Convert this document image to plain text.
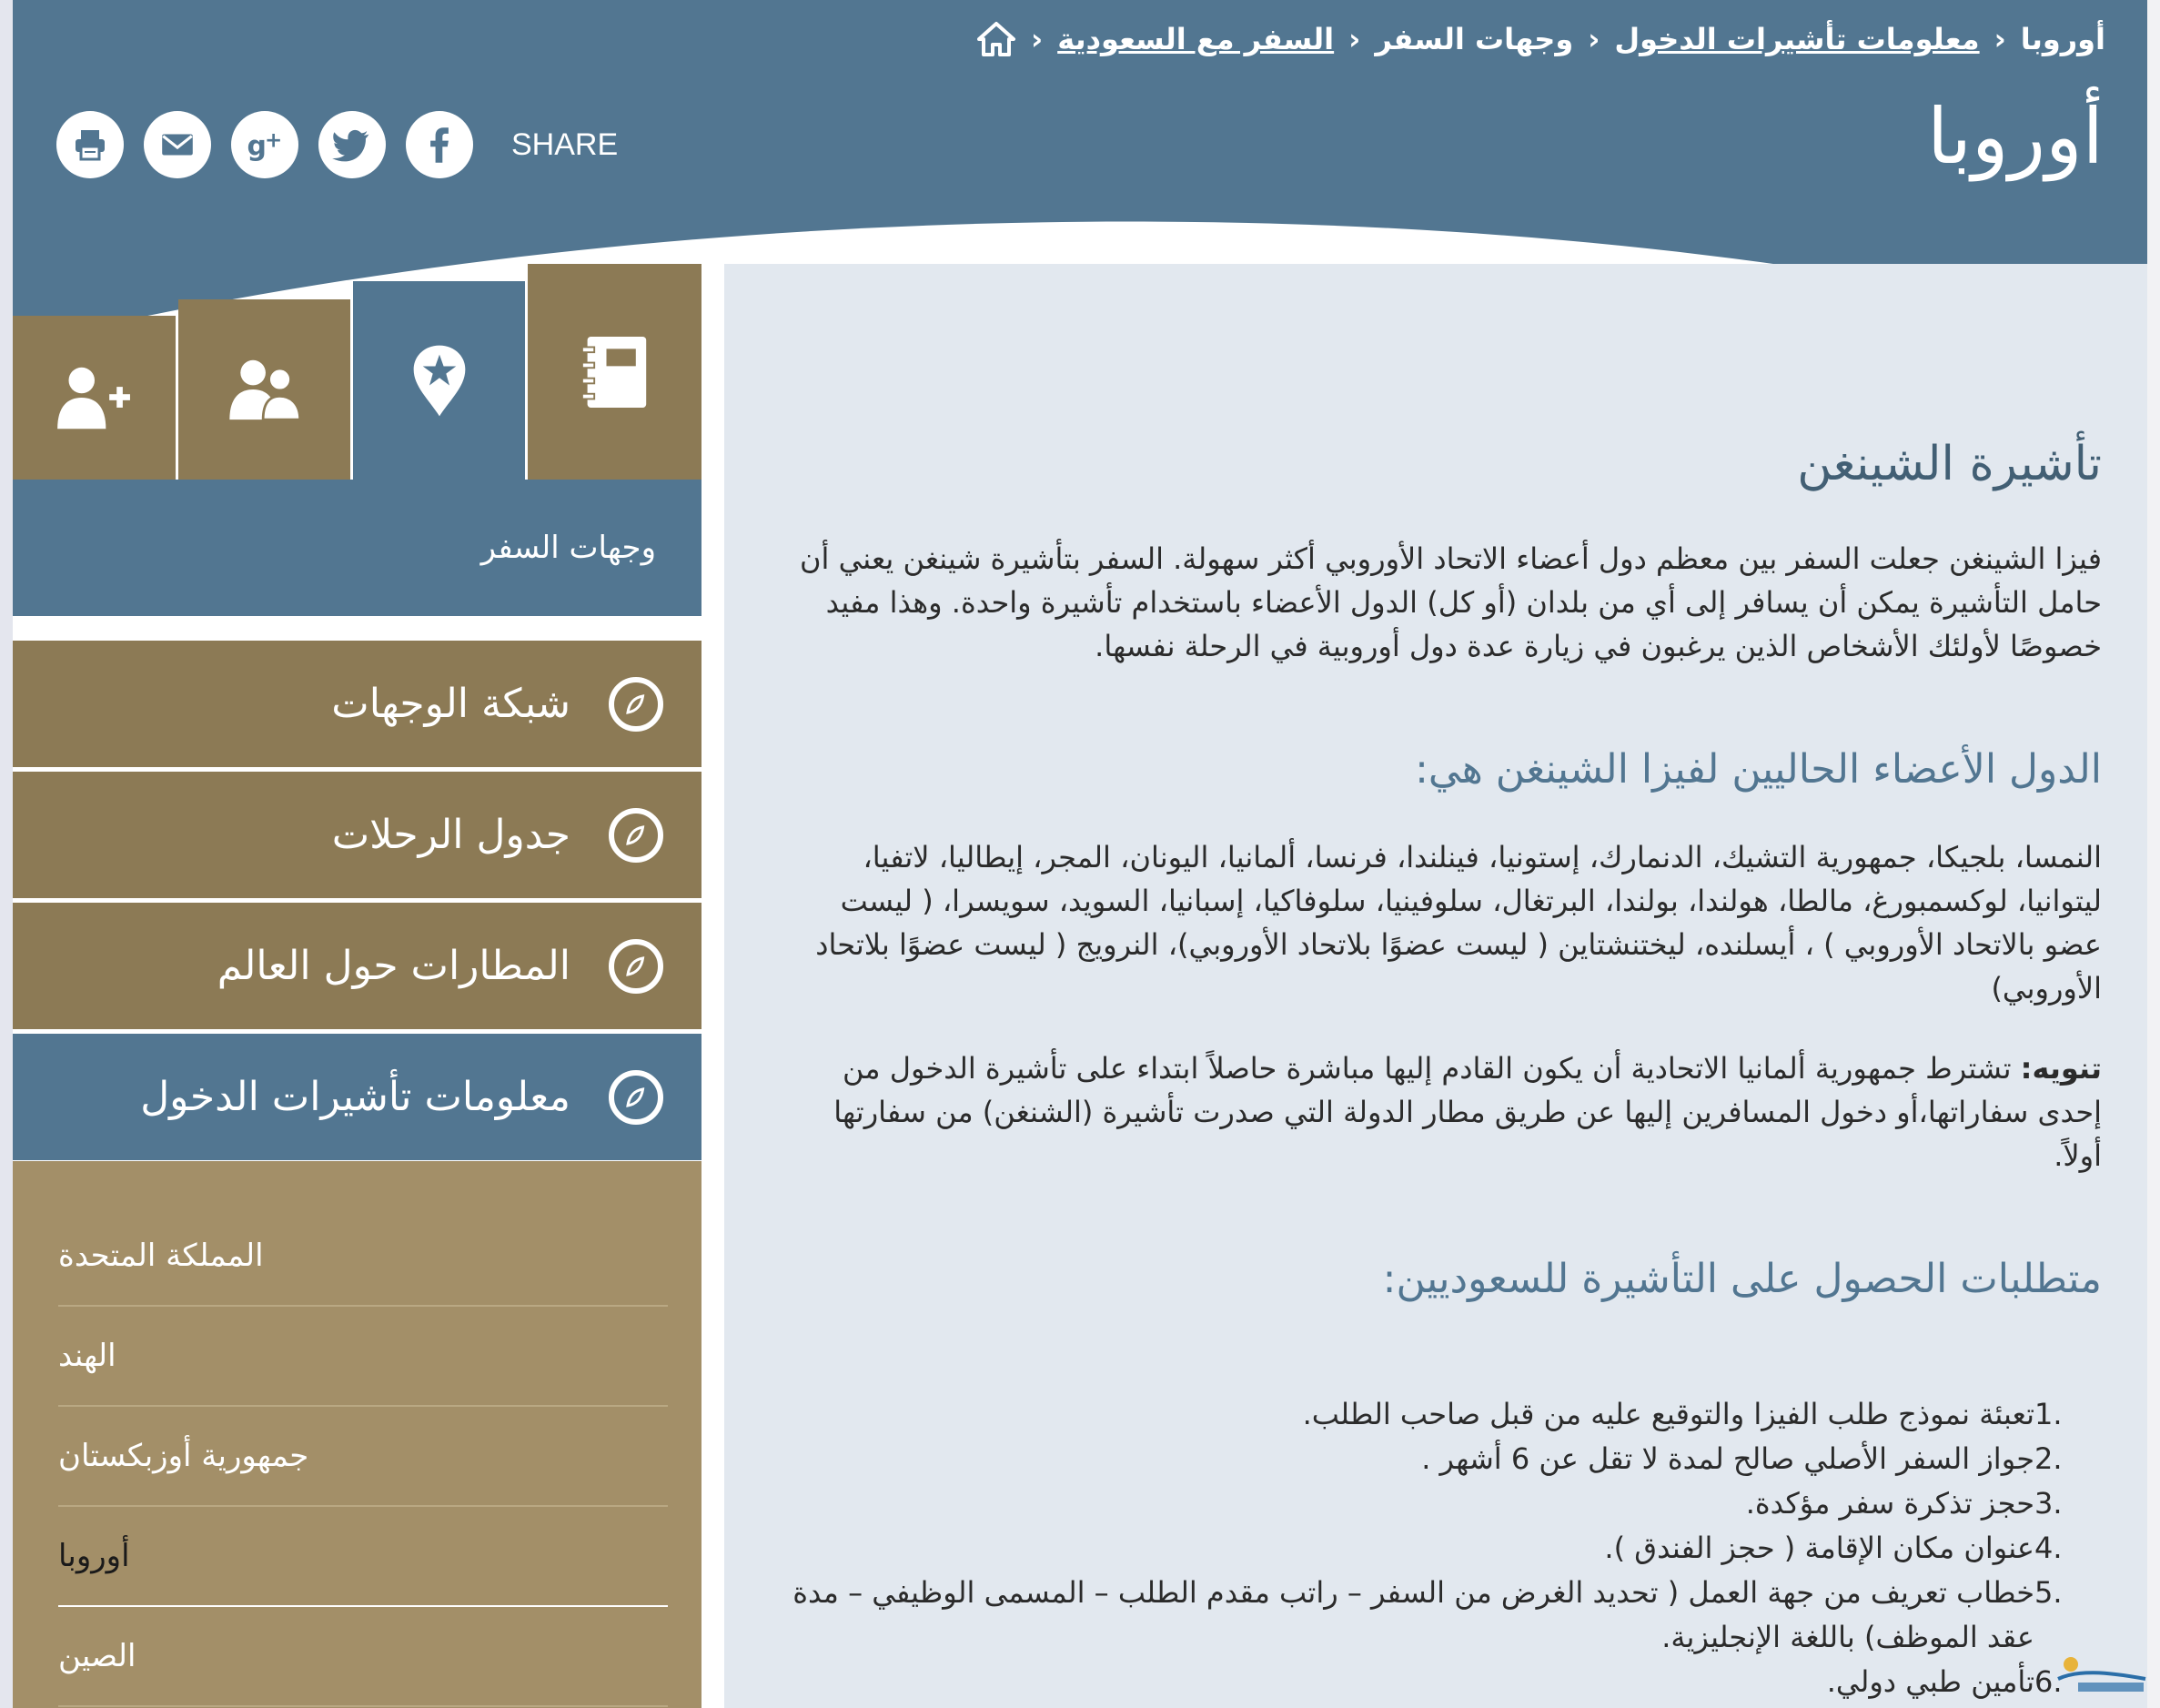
‹ السفر مع السعودية ‹ وجهات السفر ‹ معلومات تأشيرات الدخول ‹ أوروبا
أوروبا
g
+	SHARE
وجهات السفر
شبكة الوجهات
جدول الرحلات
المطارات حول العالم
معلومات تأشيرات الدخول
المملكة المتحدة
الهند
جمهورية أوزبكستان
أوروبا
الصين
تأشيرة الشينغن
فيزا الشينغن جعلت السفر بين معظم دول أعضاء الاتحاد الأوروبي أكثر سهولة. السفر بتأشيرة شينغن يعني أن حامل التأشيرة يمكن أن يسافر إلى أي من بلدان (أو كل) الدول الأعضاء باستخدام تأشيرة واحدة. وهذا مفيد خصوصًا لأولئك الأشخاص الذين يرغبون في زيارة عدة دول أوروبية في الرحلة نفسها.
الدول الأعضاء الحاليين لفيزا الشينغن هي:
النمسا، بلجيكا، جمهورية التشيك، الدنمارك، إستونيا، فينلندا، فرنسا، ألمانيا، اليونان، المجر، إيطاليا، لاتفيا، ليتوانيا، لوكسمبورغ، مالطا، هولندا، بولندا، البرتغال، سلوفينيا، سلوفاكيا، إسبانيا، السويد، سويسرا، ( ليست عضو بالاتحاد الأوروبي ) ، أيسلنده، ليختنشتاين ( ليست عضوًا بلاتحاد الأوروبي)، النرويج ( ليست عضوًا بلاتحاد الأوروبي)
تنويه: تشترط جمهورية ألمانيا الاتحادية أن يكون القادم إليها مباشرة حاصلاً ابتداء على تأشيرة الدخول من إحدى سفاراتها،أو دخول المسافرين إليها عن طريق مطار الدولة التي صدرت تأشيرة (الشنغن) من سفارتها أولاً.
متطلبات الحصول على التأشيرة للسعوديين:
1.
تعبئة نموذج طلب الفيزا والتوقيع عليه من قبل صاحب الطلب.
2.
جواز السفر الأصلي صالح لمدة لا تقل عن 6 أشهر .
3.
حجز تذكرة سفر مؤكدة.
4.
عنوان مكان الإقامة ( حجز الفندق ).
5.
خطاب تعريف من جهة العمل ( تحديد الغرض من السفر – راتب مقدم الطلب – المسمى الوظيفي – مدة عقد الموظف) باللغة الإنجليزية.
6.
تأمين طبي دولي.
